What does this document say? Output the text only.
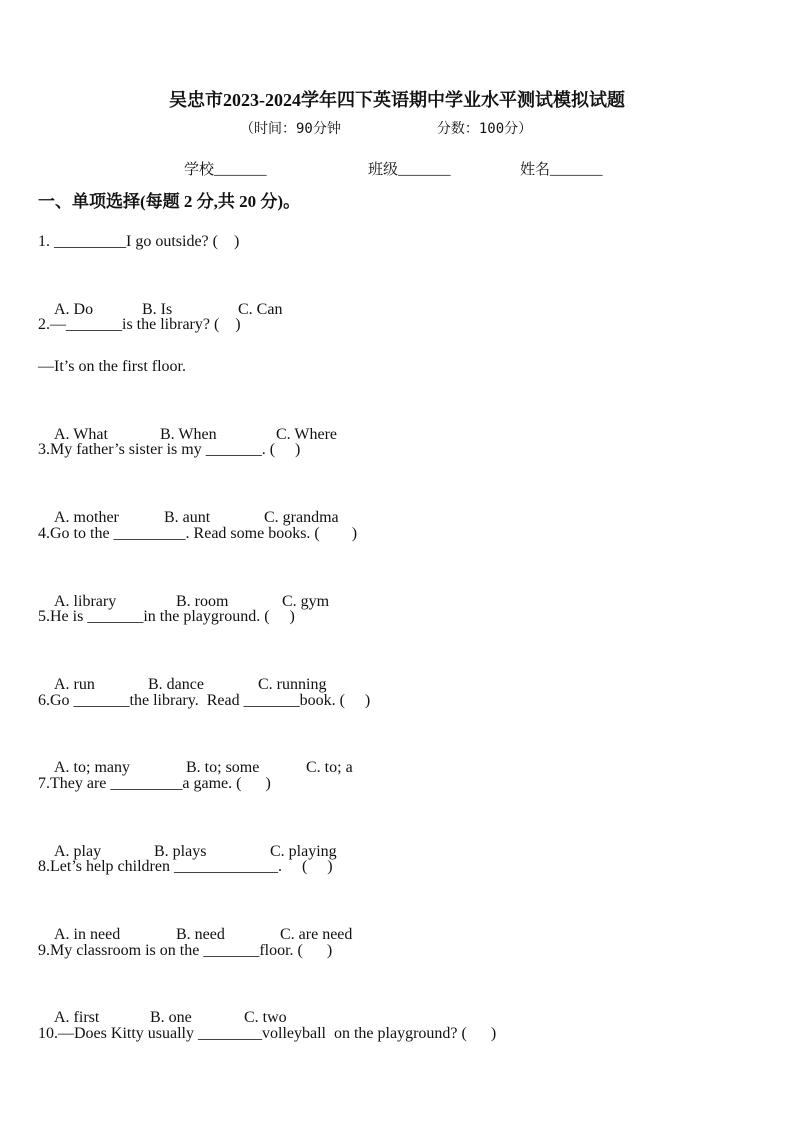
吴忠市2023-2024学年四下英语期中学业水平测试模拟试题
（时间：90分钟	分数：100分）
学校_______	班级_______	姓名_______
一、单项选择(每题 2 分,共 20 分)。
1. _________I go outside? (    )

A. Do	B. Is	C. Can

2.—_______is the library? (    )
—It’s on the first floor.

A. What	B. When	C. Where

3.My father’s sister is my _______. (     )

A. mother	B. aunt	C. grandma

4.Go to the _________. Read some books. (        )

A. library	B. room	C. gym

5.He is _______in the playground. (     )

A. run	B. dance	C. running

6.Go _______the library.  Read _______book. (     )

A. to; many	B. to; some	C. to; a

7.They are _________a game. (      )

A. play	B. plays	C. playing

8.Let’s help children _____________.     (     )

A. in need	B. need	C. are need

9.My classroom is on the _______floor. (      )

A. first	B. one	C. two

10.—Does Kitty usually ________volleyball  on the playground? (      )
